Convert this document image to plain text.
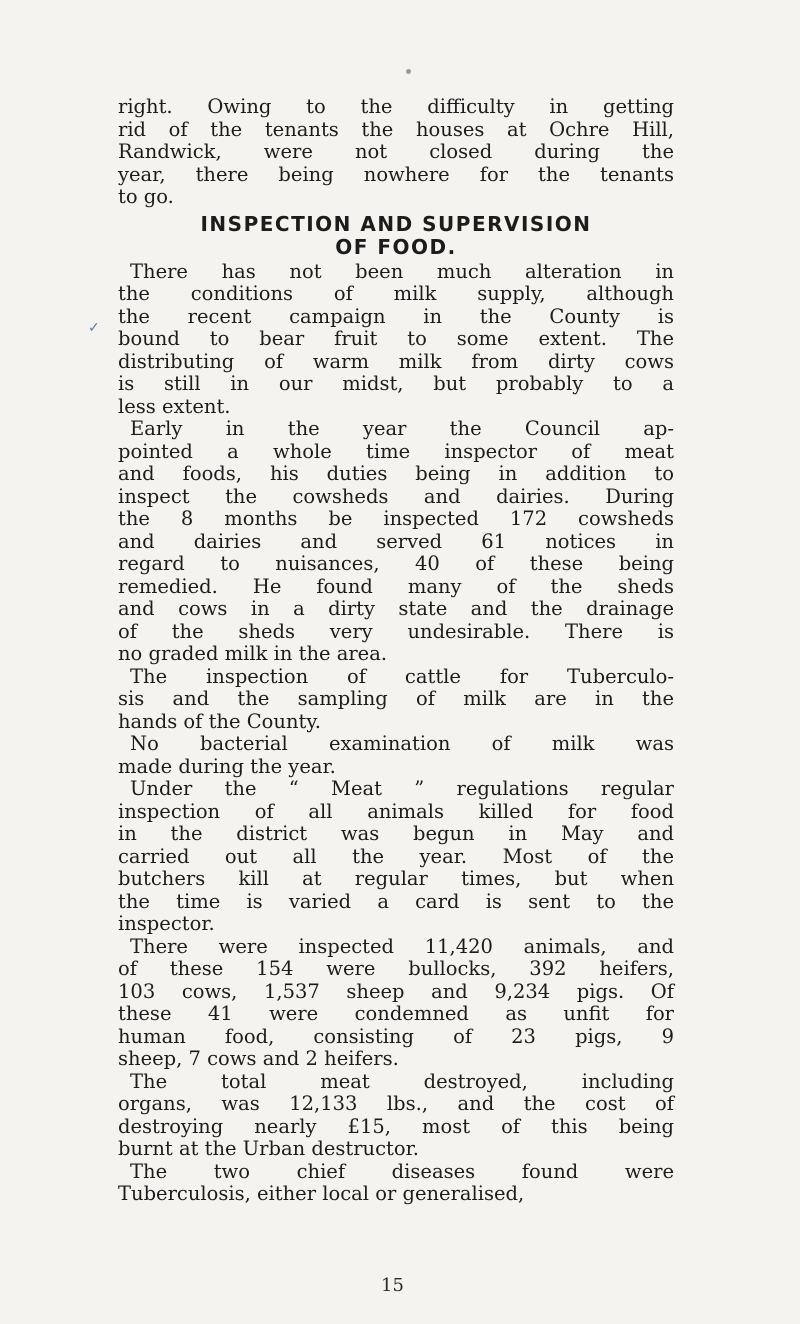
✓
right. Owing to the difficulty in getting
rid of the tenants the houses at Ochre Hill,
Randwick, were not closed during the
year, there being nowhere for the tenants
to go.
INSPECTION AND SUPERVISION
OF FOOD.
There has not been much alteration in
the conditions of milk supply, although
the recent campaign in the County is
bound to bear fruit to some extent. The
distributing of warm milk from dirty cows
is still in our midst, but probably to a
less extent.
Early in the year the Council ap-
pointed a whole time inspector of meat
and foods, his duties being in addition to
inspect the cowsheds and dairies. During
the 8 months be inspected 172 cowsheds
and dairies and served 61 notices in
regard to nuisances, 40 of these being
remedied. He found many of the sheds
and cows in a dirty state and the drainage
of the sheds very undesirable. There is
no graded milk in the area.
The inspection of cattle for Tuberculo-
sis and the sampling of milk are in the
hands of the County.
No bacterial examination of milk was
made during the year.
Under the “ Meat ” regulations regular
inspection of all animals killed for food
in the district was begun in May and
carried out all the year. Most of the
butchers kill at regular times, but when
the time is varied a card is sent to the
inspector.
There were inspected 11,420 animals, and
of these 154 were bullocks, 392 heifers,
103 cows, 1,537 sheep and 9,234 pigs. Of
these 41 were condemned as unfit for
human food, consisting of 23 pigs, 9
sheep, 7 cows and 2 heifers.
The total meat destroyed, including
organs, was 12,133 lbs., and the cost of
destroying nearly £15, most of this being
burnt at the Urban destructor.
The two chief diseases found were
Tuberculosis, either local or generalised,
15
